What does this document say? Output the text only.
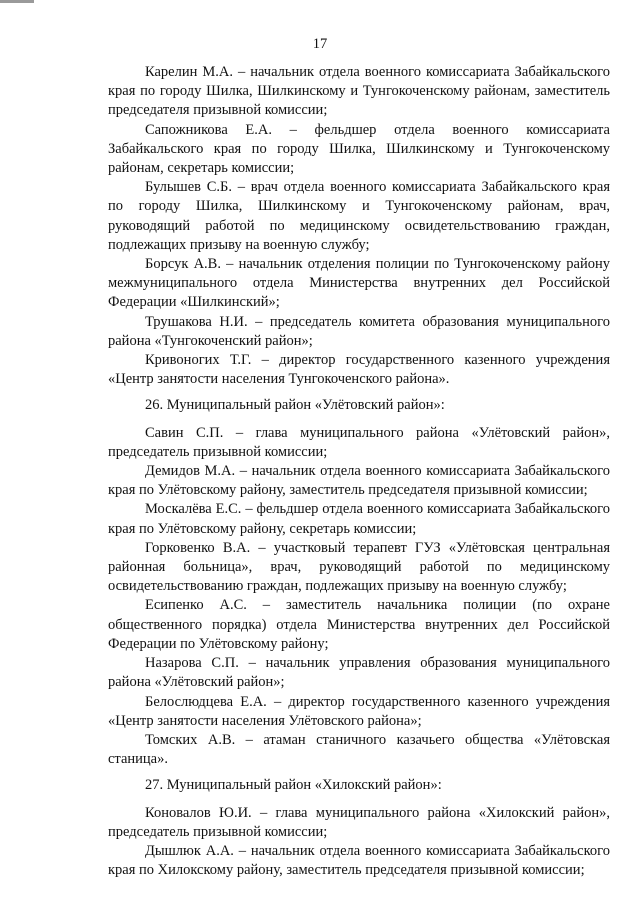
17

Карелин М.А. – начальник отдела военного комиссариата Забайкальского края по городу Шилка, Шилкинскому и Тунгокоченскому районам, заместитель председателя призывной комиссии;

Сапожникова Е.А. – фельдшер отдела военного комиссариата Забайкальского края по городу Шилка, Шилкинскому и Тунгокоченскому районам, секретарь комиссии;

Булышев С.Б. – врач отдела военного комиссариата Забайкальского края по городу Шилка, Шилкинскому и Тунгокоченскому районам, врач, руководящий работой по медицинскому освидетельствованию граждан, подлежащих призыву на военную службу;

Борсук А.В. – начальник отделения полиции по Тунгокоченскому району межмуниципального отдела Министерства внутренних дел Российской Федерации «Шилкинский»;

Трушакова Н.И. – председатель комитета образования муниципального района «Тунгокоченский район»;

Кривоногих Т.Г. – директор государственного казенного учреждения «Центр занятости населения Тунгокоченского района».

26. Муниципальный район «Улётовский район»:

Савин С.П. – глава муниципального района «Улётовский район», председатель призывной комиссии;

Демидов М.А. – начальник отдела военного комиссариата Забайкальского края по Улётовскому району, заместитель председателя призывной комиссии;

Москалёва Е.С. – фельдшер отдела военного комиссариата Забайкальского края по Улётовскому району, секретарь комиссии;

Горковенко В.А. – участковый терапевт ГУЗ «Улётовская центральная районная больница», врач, руководящий работой по медицинскому освидетельствованию граждан, подлежащих призыву на военную службу;

Есипенко А.С. – заместитель начальника полиции (по охране общественного порядка) отдела Министерства внутренних дел Российской Федерации по Улётовскому району;

Назарова С.П. – начальник управления образования муниципального района «Улётовский район»;

Белослюдцева Е.А. – директор государственного казенного учреждения «Центр занятости населения Улётовского района»;

Томских А.В. – атаман станичного казачьего общества «Улётовская станица».

27. Муниципальный район «Хилокский район»:

Коновалов Ю.И. – глава муниципального района «Хилокский район», председатель призывной комиссии;

Дышлюк А.А. – начальник отдела военного комиссариата Забайкальского края по Хилокскому району, заместитель председателя призывной комиссии;
